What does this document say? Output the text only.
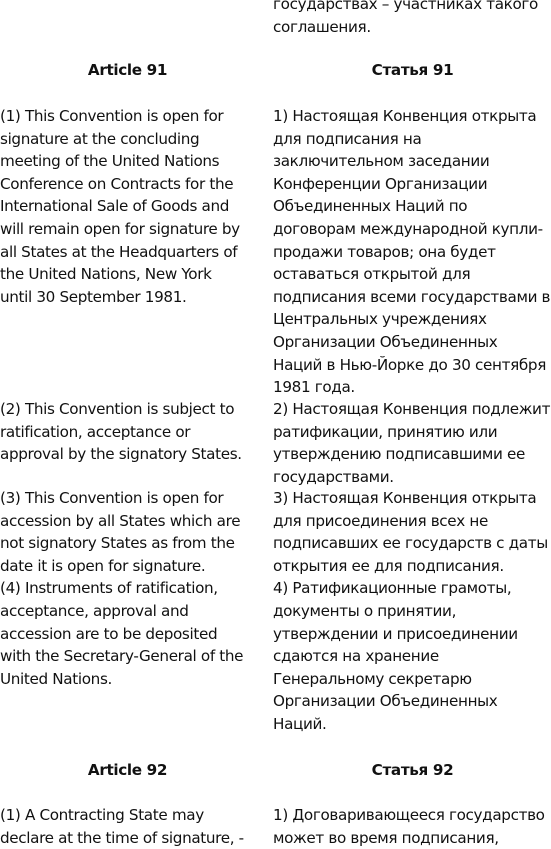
государствах – участниках такого
соглашения.
Article 91	Статья 91
(1) This Convention is open for
signature at the concluding
meeting of the United Nations
Conference on Contracts for the
International Sale of Goods and
will remain open for signature by
all States at the Headquarters of
the United Nations, New York
until 30 September 1981.
1) Настоящая Конвенция открыта
для подписания на
заключительном заседании
Конференции Организации
Объединенных Наций по
договорам международной купли-
продажи товаров; она будет
оставаться открытой для
подписания всеми государствами в
Центральных учреждениях
Организации Объединенных
Наций в Нью-Йорке до 30 сентября
1981 года.
(2) This Convention is subject to
ratification, acceptance or
approval by the signatory States.
2) Настоящая Конвенция подлежит
ратификации, принятию или
утверждению подписавшими ее
государствами.
(3) This Convention is open for
accession by all States which are
not signatory States as from the
date it is open for signature.
(4) Instruments of ratification,
acceptance, approval and
accession are to be deposited
with the Secretary-General of the
United Nations.
3) Настоящая Конвенция открыта
для присоединения всех не
подписавших ее государств с даты
открытия ее для подписания.
4) Ратификационные грамоты,
документы о принятии,
утверждении и присоединении
сдаются на хранение
Генеральному секретарю
Организации Объединенных
Наций.
Article 92	Статья 92
(1) A Contracting State may
declare at the time of signature, -
1) Договаривающееся государство
может во время подписания,
